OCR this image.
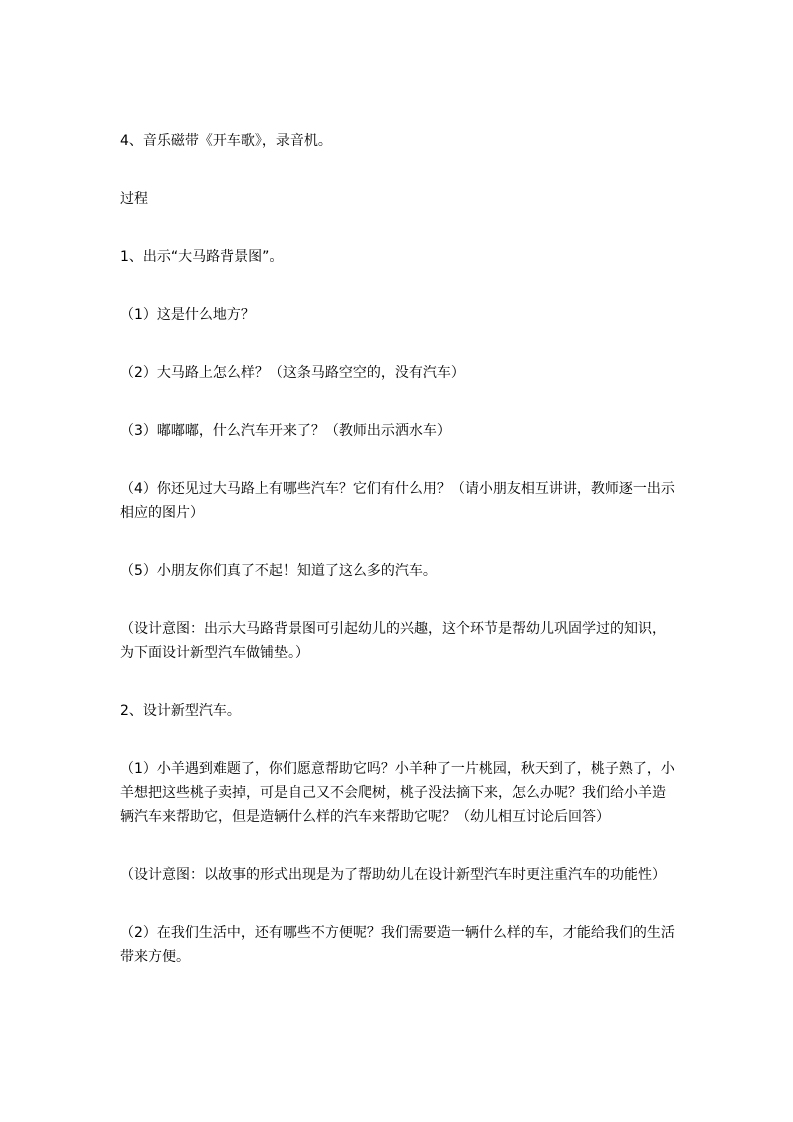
4、音乐磁带《开车歌》，录音机。

过程

1、出示“大马路背景图”。

（1）这是什么地方？

（2）大马路上怎么样？（这条马路空空的，没有汽车）

（3）嘟嘟嘟，什么汽车开来了？（教师出示洒水车）

（4）你还见过大马路上有哪些汽车？它们有什么用？（请小朋友相互讲讲，教师逐一出示相应的图片）

（5）小朋友你们真了不起！知道了这么多的汽车。

（设计意图：出示大马路背景图可引起幼儿的兴趣，这个环节是帮幼儿巩固学过的知识，为下面设计新型汽车做铺垫。）

2、设计新型汽车。

（1）小羊遇到难题了，你们愿意帮助它吗？小羊种了一片桃园，秋天到了，桃子熟了，小羊想把这些桃子卖掉，可是自己又不会爬树，桃子没法摘下来，怎么办呢？我们给小羊造辆汽车来帮助它，但是造辆什么样的汽车来帮助它呢？（幼儿相互讨论后回答）

（设计意图：以故事的形式出现是为了帮助幼儿在设计新型汽车时更注重汽车的功能性）

（2）在我们生活中，还有哪些不方便呢？我们需要造一辆什么样的车，才能给我们的生活带来方便。
